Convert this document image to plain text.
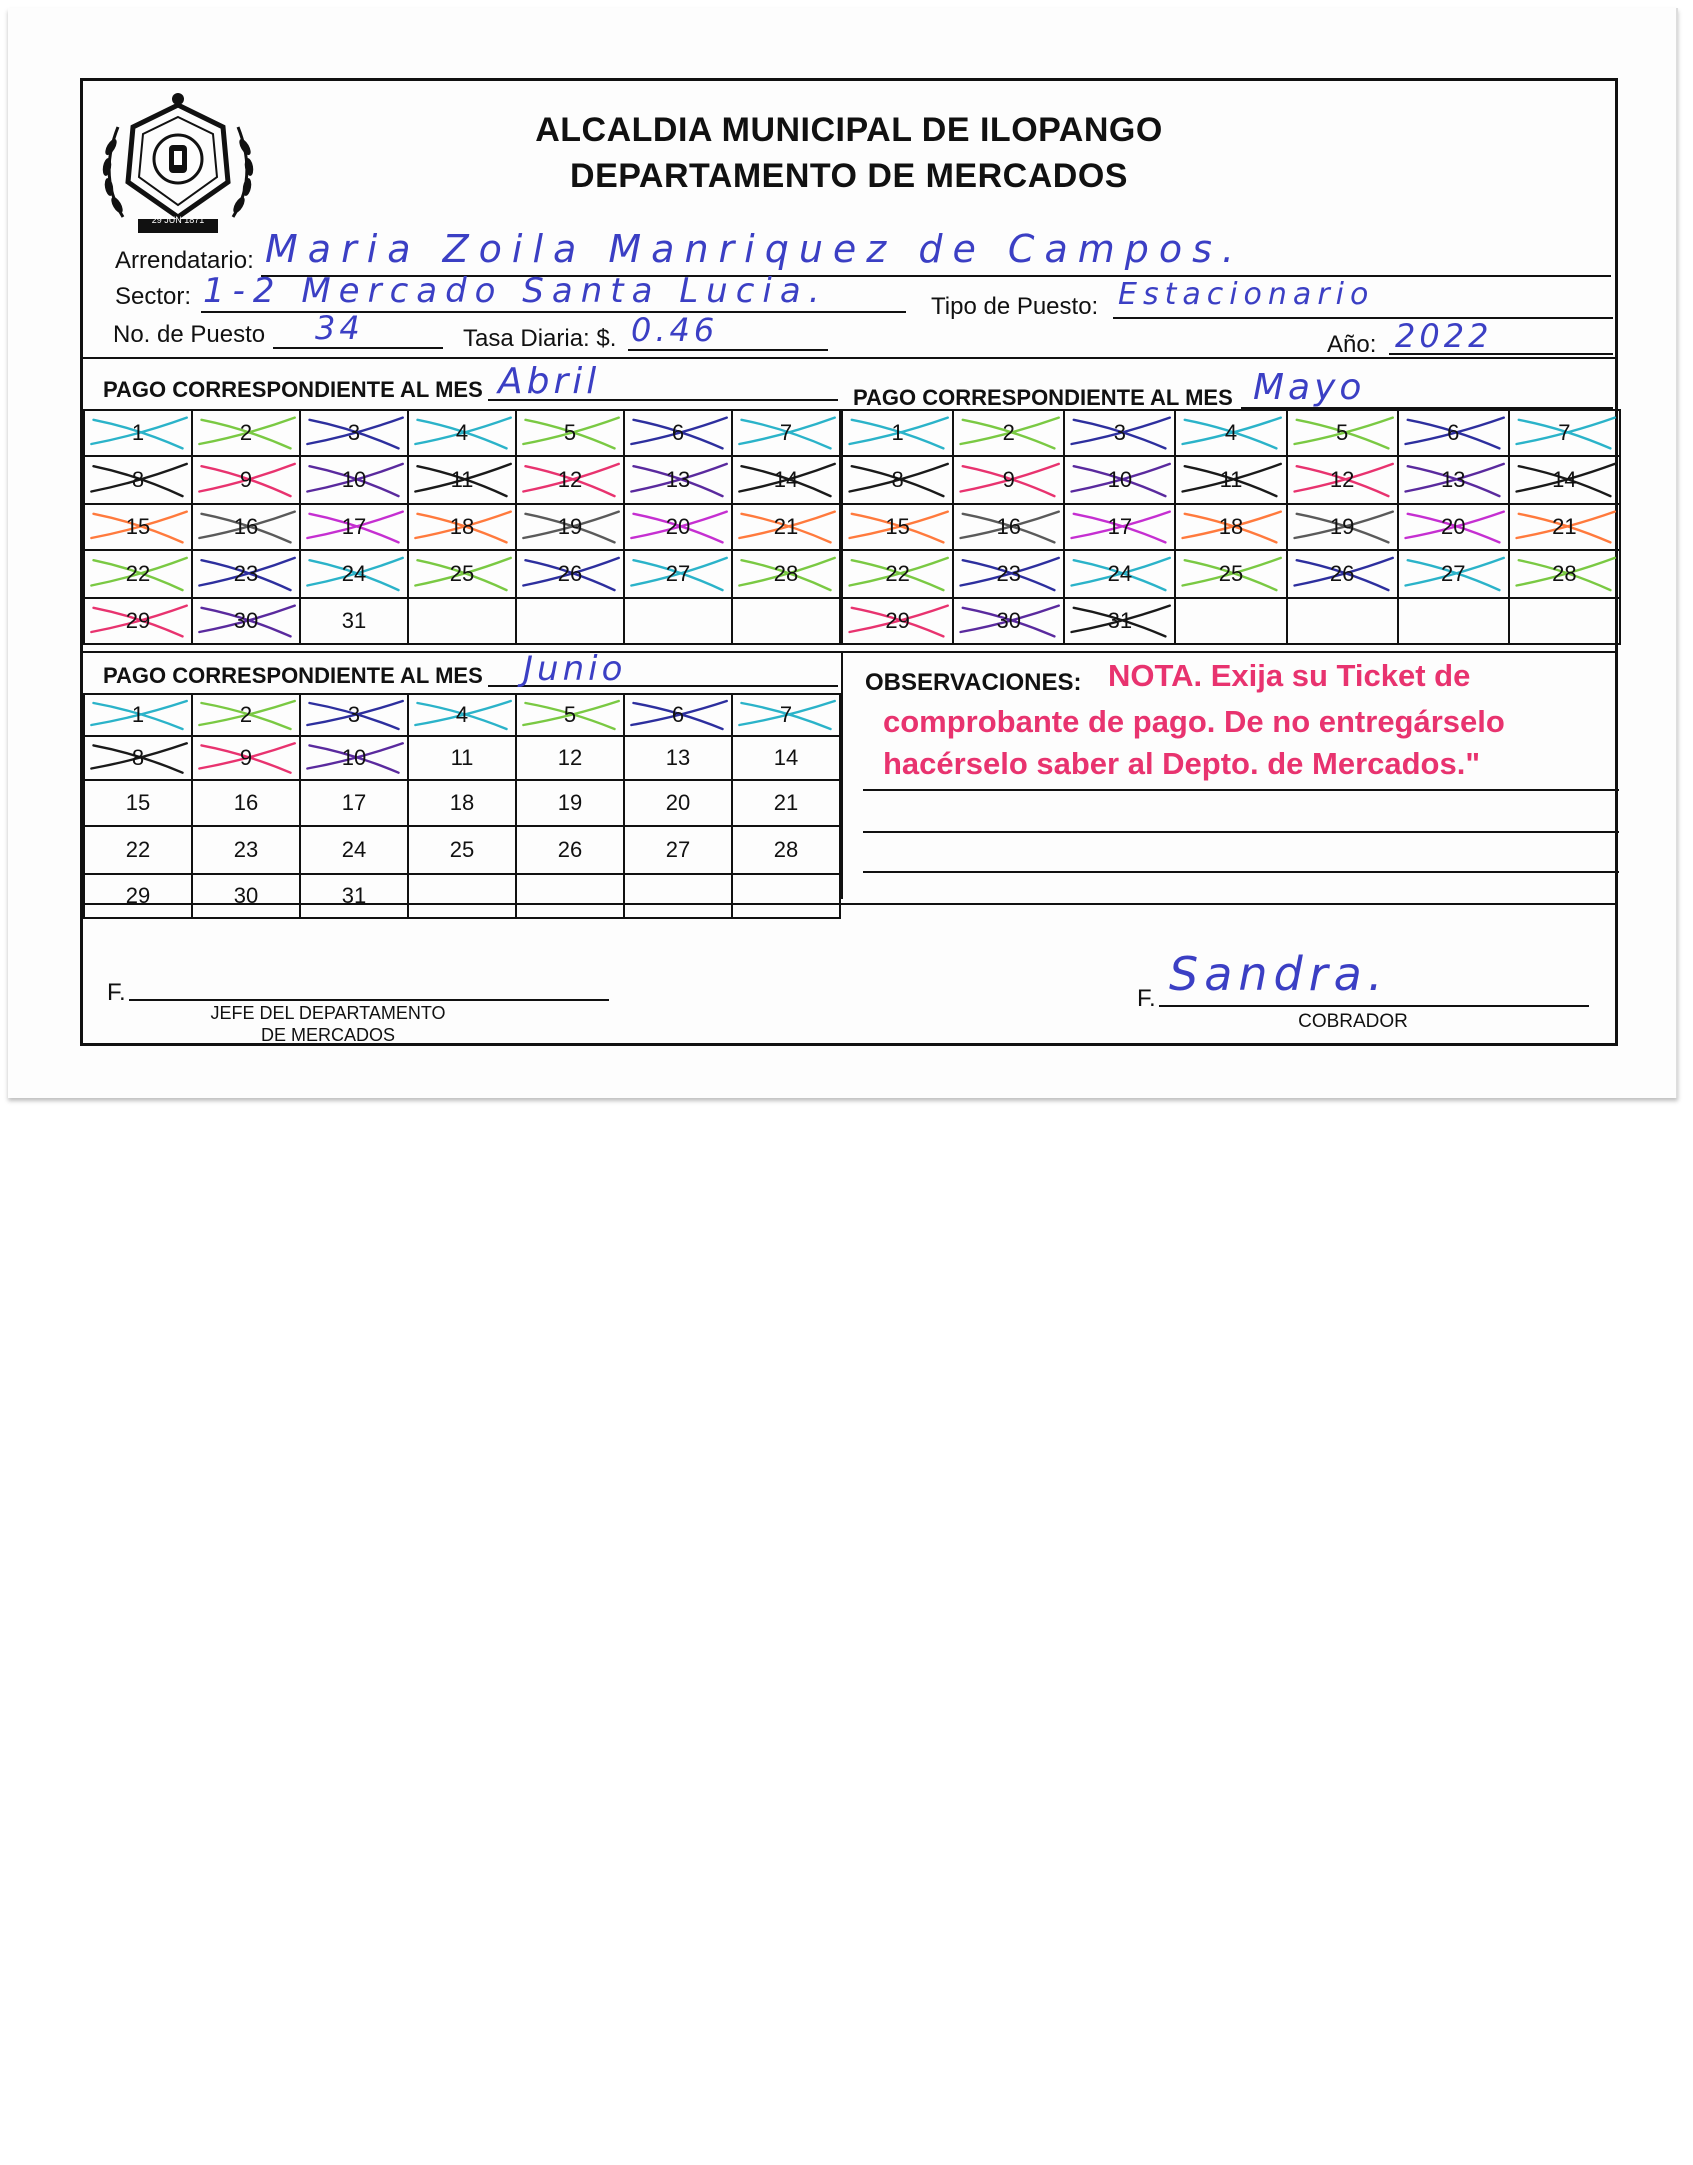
29 JUN 1871
ALCALDIA MUNICIPAL DE ILOPANGO
DEPARTAMENTO DE MERCADOS
Arrendatario: Maria Zoila Manriquez de Campos.
Sector: 1-2 Mercado Santa Lucia.	Tipo de Puesto: Estacionario
No. de Puesto 34	Tasa Diaria: $. 0.46	Año: 2022
PAGO CORRESPONDIENTE AL MES Abril	PAGO CORRESPONDIENTE AL MES Mayo
1	2	3	4	5	6	7

8	9	10	11	12	13	14

15	16	17	18	19	20	21

22	23	24	25	26	27	28

29	30	31				
1	2	3	4	5	6	7

8	9	10	11	12	13	14

15	16	17	18	19	20	21

22	23	24	25	26	27	28

29	30	31

PAGO CORRESPONDIENTE AL MES Junio
1	2	3	4	5	6	7

8	9	10	11	12	13	14
15	16	17	18	19	20	21
22	23	24	25	26	27	28
29	30	31				
OBSERVACIONES: NOTA. Exija su Ticket de
comprobante de pago. De no entregárselo
hacérselo saber al Depto. de Mercados."
F.
JEFE DEL DEPARTAMENTO
DE MERCADOS
F. Sandra.
COBRADOR
